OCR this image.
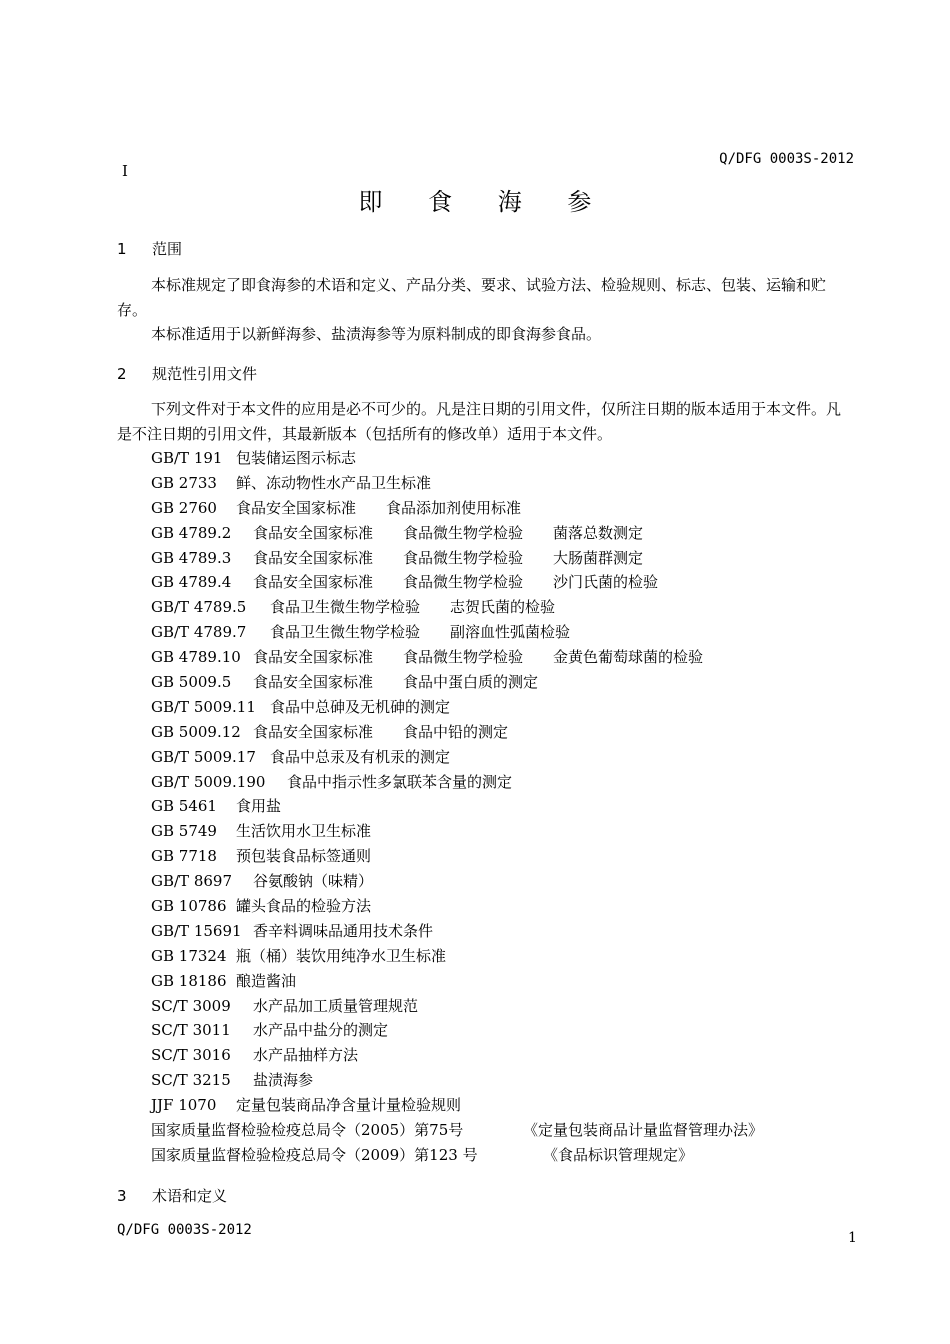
Q/DFG 0003S-2012
I
即 食 海 参
1 范围
本标准规定了即食海参的术语和定义、产品分类、要求、试验方法、检验规则、标志、包装、运输和贮存。
本标准适用于以新鲜海参、盐渍海参等为原料制成的即食海参食品。
2 规范性引用文件
下列文件对于本文件的应用是必不可少的。凡是注日期的引用文件，仅所注日期的版本适用于本文件。凡是不注日期的引用文件，其最新版本（包括所有的修改单）适用于本文件。
GB/T 191 包装储运图示标志
GB 2733 鲜、冻动物性水产品卫生标准
GB 2760 食品安全国家标准　　食品添加剂使用标准
GB 4789.2 食品安全国家标准　　食品微生物学检验　　菌落总数测定
GB 4789.3 食品安全国家标准　　食品微生物学检验　　大肠菌群测定
GB 4789.4 食品安全国家标准　　食品微生物学检验　　沙门氏菌的检验
GB/T 4789.5 食品卫生微生物学检验　　志贺氏菌的检验
GB/T 4789.7 食品卫生微生物学检验　　副溶血性弧菌检验
GB 4789.10 食品安全国家标准　　食品微生物学检验　　金黄色葡萄球菌的检验
GB 5009.5 食品安全国家标准　　食品中蛋白质的测定
GB/T 5009.11 食品中总砷及无机砷的测定
GB 5009.12 食品安全国家标准　　食品中铅的测定
GB/T 5009.17 食品中总汞及有机汞的测定
GB/T 5009.190 食品中指示性多氯联苯含量的测定
GB 5461 食用盐
GB 5749 生活饮用水卫生标准
GB 7718 预包装食品标签通则
GB/T 8697 谷氨酸钠（味精）
GB 10786 罐头食品的检验方法
GB/T 15691 香辛料调味品通用技术条件
GB 17324 瓶（桶）装饮用纯净水卫生标准
GB 18186 酿造酱油
SC/T 3009 水产品加工质量管理规范
SC/T 3011 水产品中盐分的测定
SC/T 3016 水产品抽样方法
SC/T 3215 盐渍海参
JJF 1070 定量包装商品净含量计量检验规则
国家质量监督检验检疫总局令（2005）第75号	《定量包装商品计量监督管理办法》
国家质量监督检验检疫总局令（2009）第123 号	《食品标识管理规定》
3 术语和定义
Q/DFG 0003S-2012	1
